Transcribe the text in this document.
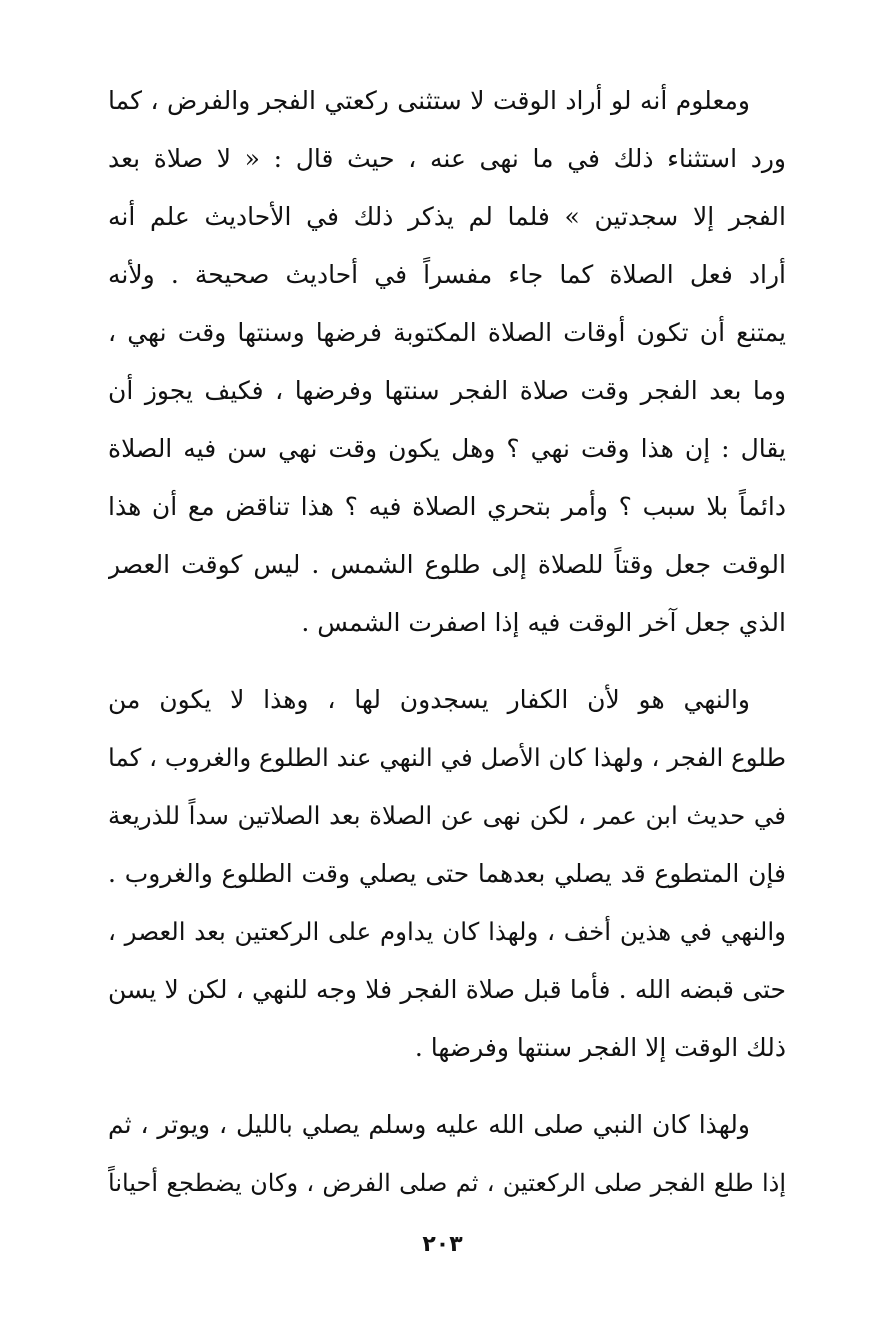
ومعلوم أنه لو أراد الوقت لا ستثنى ركعتي الفجر والفرض ، كما
ورد استثناء ذلك في ما نهى عنه ، حيث قال : « لا صلاة بعد
الفجر إلا سجدتين » فلما لم يذكر ذلك في الأحاديث علم أنه
أراد فعل الصلاة كما جاء مفسراً في أحاديث صحيحة . ولأنه
يمتنع أن تكون أوقات الصلاة المكتوبة فرضها وسنتها وقت نهي ،
وما بعد الفجر وقت صلاة الفجر سنتها وفرضها ، فكيف يجوز أن
يقال : إن هذا وقت نهي ؟ وهل يكون وقت نهي سن فيه الصلاة
دائماً بلا سبب ؟ وأمر بتحري الصلاة فيه ؟ هذا تناقض مع أن هذا
الوقت جعل وقتاً للصلاة إلى طلوع الشمس . ليس كوقت العصر
الذي جعل آخر الوقت فيه إذا اصفرت الشمس .
والنهي هو لأن الكفار يسجدون لها ، وهذا لا يكون من
طلوع الفجر ، ولهذا كان الأصل في النهي عند الطلوع والغروب ، كما
في حديث ابن عمر ، لكن نهى عن الصلاة بعد الصلاتين سداً للذريعة
فإن المتطوع قد يصلي بعدهما حتى يصلي وقت الطلوع والغروب .
والنهي في هذين أخف ، ولهذا كان يداوم على الركعتين بعد العصر ،
حتى قبضه الله . فأما قبل صلاة الفجر فلا وجه للنهي ، لكن لا يسن
ذلك الوقت إلا الفجر سنتها وفرضها .
ولهذا كان النبي صلى الله عليه وسلم يصلي بالليل ، ويوتر ، ثم
إذا طلع الفجر صلى الركعتين ، ثم صلى الفرض ، وكان يضطجع أحياناً
٢٠٣
